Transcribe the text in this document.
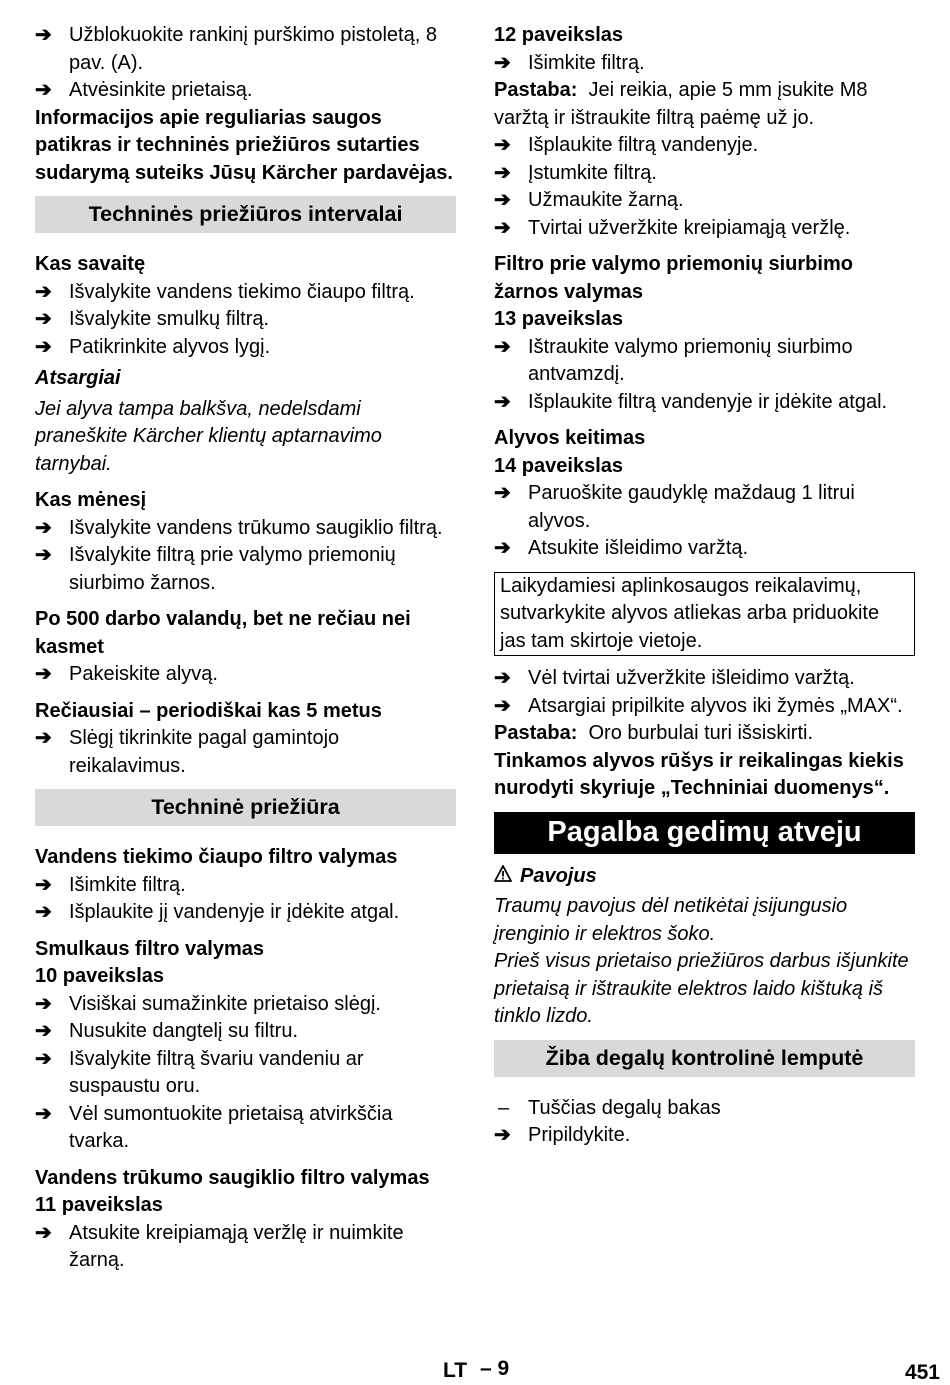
➔ Užblokuokite rankinį purškimo pistoletą, 8 pav. (A).
➔ Atvėsinkite prietaisą.

Informacijos apie reguliarias saugos patikras ir techninės priežiūros sutarties sudarymą suteiks Jūsų Kärcher pardavėjas.

Techninės priežiūros intervalai

Kas savaitę

➔ Išvalykite vandens tiekimo čiaupo filtrą.
➔ Išvalykite smulkų filtrą.
➔ Patikrinkite alyvos lygį.

Atsargiai

Jei alyva tampa balkšva, nedelsdami praneškite Kärcher klientų aptarnavimo tarnybai.

Kas mėnesį

➔ Išvalykite vandens trūkumo saugiklio filtrą.
➔ Išvalykite filtrą prie valymo priemonių siurbimo žarnos.

Po 500 darbo valandų, bet ne rečiau nei kasmet

➔ Pakeiskite alyvą.

Rečiausiai – periodiškai kas 5 metus

➔ Slėgį tikrinkite pagal gamintojo reikalavimus.
Techninė priežiūra

Vandens tiekimo čiaupo filtro valymas

➔ Išimkite filtrą.
➔ Išplaukite jį vandenyje ir įdėkite atgal.

Smulkaus filtro valymas

10 paveikslas

➔ Visiškai sumažinkite prietaiso slėgį.
➔ Nusukite dangtelį su filtru.
➔ Išvalykite filtrą švariu vandeniu ar suspaustu oru.
➔ Vėl sumontuokite prietaisą atvirkščia tvarka.

Vandens trūkumo saugiklio filtro valymas

11 paveikslas

➔ Atsukite kreipiamąją veržlę ir nuimkite žarną.

12 paveikslas

➔ Išimkite filtrą.

Pastaba: Jei reikia, apie 5 mm įsukite M8 varžtą ir ištraukite filtrą paėmę už jo.

➔ Išplaukite filtrą vandenyje.
➔ Įstumkite filtrą.
➔ Užmaukite žarną.
➔ Tvirtai užveržkite kreipiamąją veržlę.

Filtro prie valymo priemonių siurbimo žarnos valymas

13 paveikslas

➔ Ištraukite valymo priemonių siurbimo antvamzdį.
➔ Išplaukite filtrą vandenyje ir įdėkite atgal.

Alyvos keitimas

14 paveikslas

➔ Paruoškite gaudyklę maždaug 1 litrui alyvos.
➔ Atsukite išleidimo varžtą.
Laikydamiesi aplinkosaugos reikalavimų, sutvarkykite alyvos atliekas arba priduokite jas tam skirtoje vietoje.
➔ Vėl tvirtai užveržkite išleidimo varžtą.
➔ Atsargiai pripilkite alyvos iki žymės „MAX“.

Pastaba: Oro burbulai turi išsiskirti.

Tinkamos alyvos rūšys ir reikalingas kiekis nurodyti skyriuje „Techniniai duomenys“.

Pagalba gedimų atveju

Pavojus

Traumų pavojus dėl netikėtai įsijungusio įrenginio ir elektros šoko.

Prieš visus prietaiso priežiūros darbus išjunkite prietaisą ir ištraukite elektros laido kištuką iš tinklo lizdo.

Žiba degalų kontrolinė lemputė
– Tuščias degalų bakas
➔ Pripildykite.
LT – 9	451
